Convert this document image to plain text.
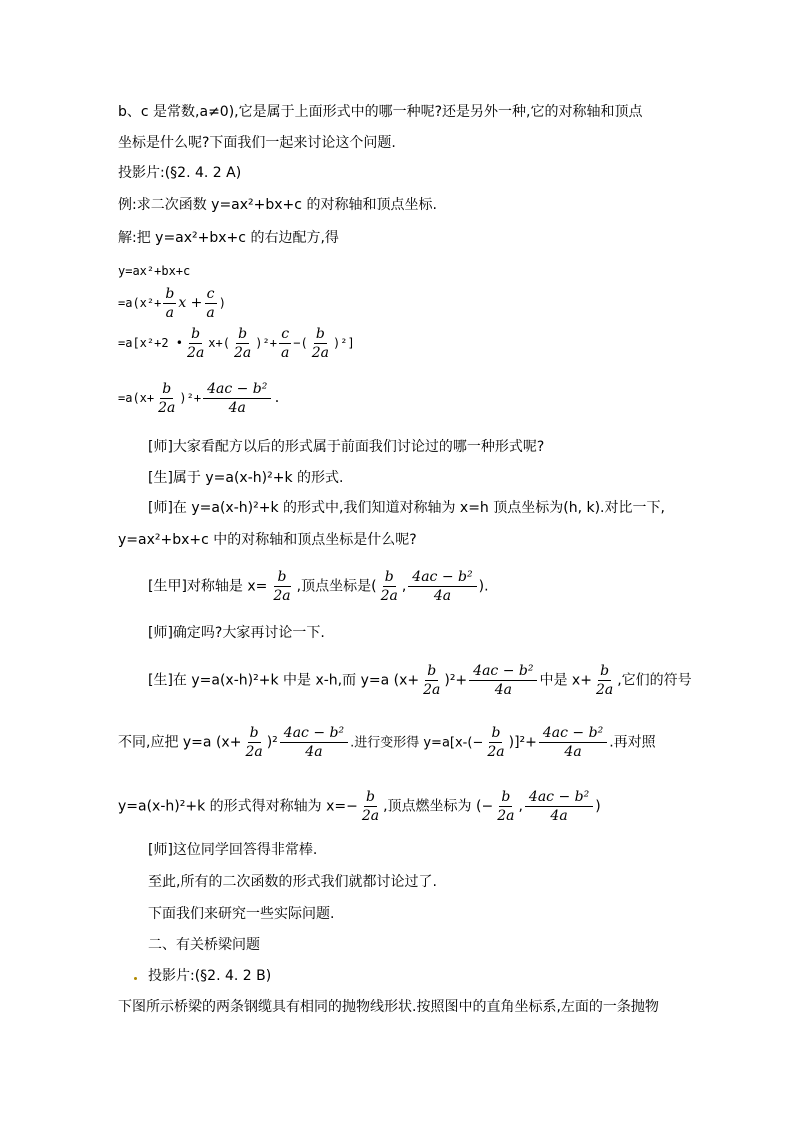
b、c 是常数,a≠0),它是属于上面形式中的哪一种呢?还是另外一种,它的对称轴和顶点
坐标是什么呢?下面我们一起来讨论这个问题.
投影片:(§2. 4. 2 A)
例:求二次函数 y=ax²+bx+c 的对称轴和顶点坐标.
解:把 y=ax²+bx+c 的右边配方,得
y=ax²+bx+c
$=a(x^2+ \frac{b}{a}$ $x + \frac{c}{a}$ )
=a[x²+2 • $\frac{b}{2a} x+( \frac{b}{2a} )^2+ \frac{c}{a}$ −( $\frac{b}{2a} )^2$]
$=a(x+ \frac{b}{2a} )^2+ \frac{\text{4ac − b²}}{4a}$ .
[师]大家看配方以后的形式属于前面我们讨论过的哪一种形式呢?
[生]属于 y=a(x-h)²+k 的形式.
[师]在 y=a(x-h)²+k 的形式中,我们知道对称轴为 x=h 顶点坐标为(h, k).对比一下,
y=ax²+bx+c 中的对称轴和顶点坐标是什么呢?
[生甲]对称轴是 $x= \frac{b}{2a}$ ,顶点坐标是( $\frac{b}{2a}$ , $\frac{\text{4ac − b²}}{4a}$ ).
[师]确定吗?大家再讨论一下.
[生]在 y=a(x-h)²+k 中是 x-h,而 y=a $(x+ \frac{b}{2a} )^2+ \frac{\text{4ac − b²}}{4a}$ 中是 $x+ \frac{b}{2a}$ ,它们的符号
不同,应把 y=a $(x+ \frac{b}{2a} )^2 \frac{\text{4ac − b²}}{4a}$ .进行变形得 $y=a[x-(- \frac{b}{2a} )]^2+ \frac{\text{4ac − b²}}{4a}$ .再对照
y=a(x-h)²+k 的形式得对称轴为 $x=- \frac{b}{2a}$ ,顶点燃坐标为 (− $\frac{b}{2a}$ , $\frac{\text{4ac − b²}}{4a}$ )
[师]这位同学回答得非常棒.
至此,所有的二次函数的形式我们就都讨论过了.
下面我们来研究一些实际问题.
二、有关桥梁问题
投影片:(§2. 4. 2 B)
下图所示桥梁的两条钢缆具有相同的抛物线形状.按照图中的直角坐标系,左面的一条抛物
